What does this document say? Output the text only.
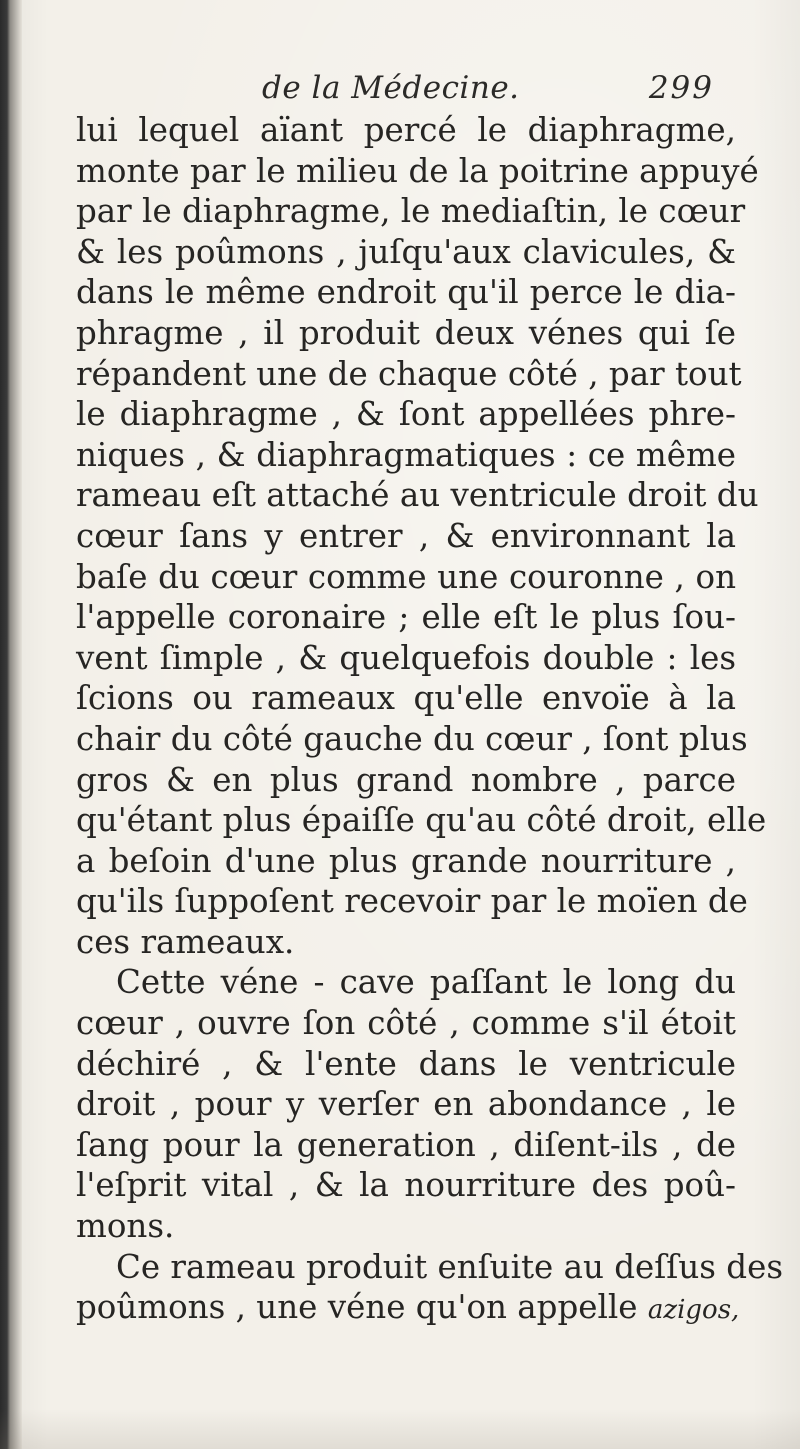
de la Médecine.	299
lui lequel aïant percé le diaphragme,
monte par le milieu de la poitrine appuyé
par le diaphragme, le mediaſtin, le cœur
& les poûmons , juſqu'aux clavicules, &
dans le même endroit qu'il perce le dia-
phragme , il produit deux vénes qui ſe
répandent une de chaque côté , par tout
le diaphragme , & ſont appellées phre-
niques , & diaphragmatiques : ce même
rameau eſt attaché au ventricule droit du
cœur ſans y entrer , & environnant la
baſe du cœur comme une couronne , on
l'appelle coronaire ; elle eſt le plus ſou-
vent ſimple , & quelquefois double : les
ſcions ou rameaux qu'elle envoïe à la
chair du côté gauche du cœur , ſont plus
gros & en plus grand nombre , parce
qu'étant plus épaiſſe qu'au côté droit, elle
a beſoin d'une plus grande nourriture ,
qu'ils ſuppoſent recevoir par le moïen de
ces rameaux.
Cette véne - cave paſſant le long du
cœur , ouvre ſon côté , comme s'il étoit
déchiré , & l'ente dans le ventricule
droit , pour y verſer en abondance , le
ſang pour la generation , diſent-ils , de
l'eſprit vital , & la nourriture des poû-
mons.
Ce rameau produit enſuite au deſſus des
poûmons , une véne qu'on appelle azigos,
